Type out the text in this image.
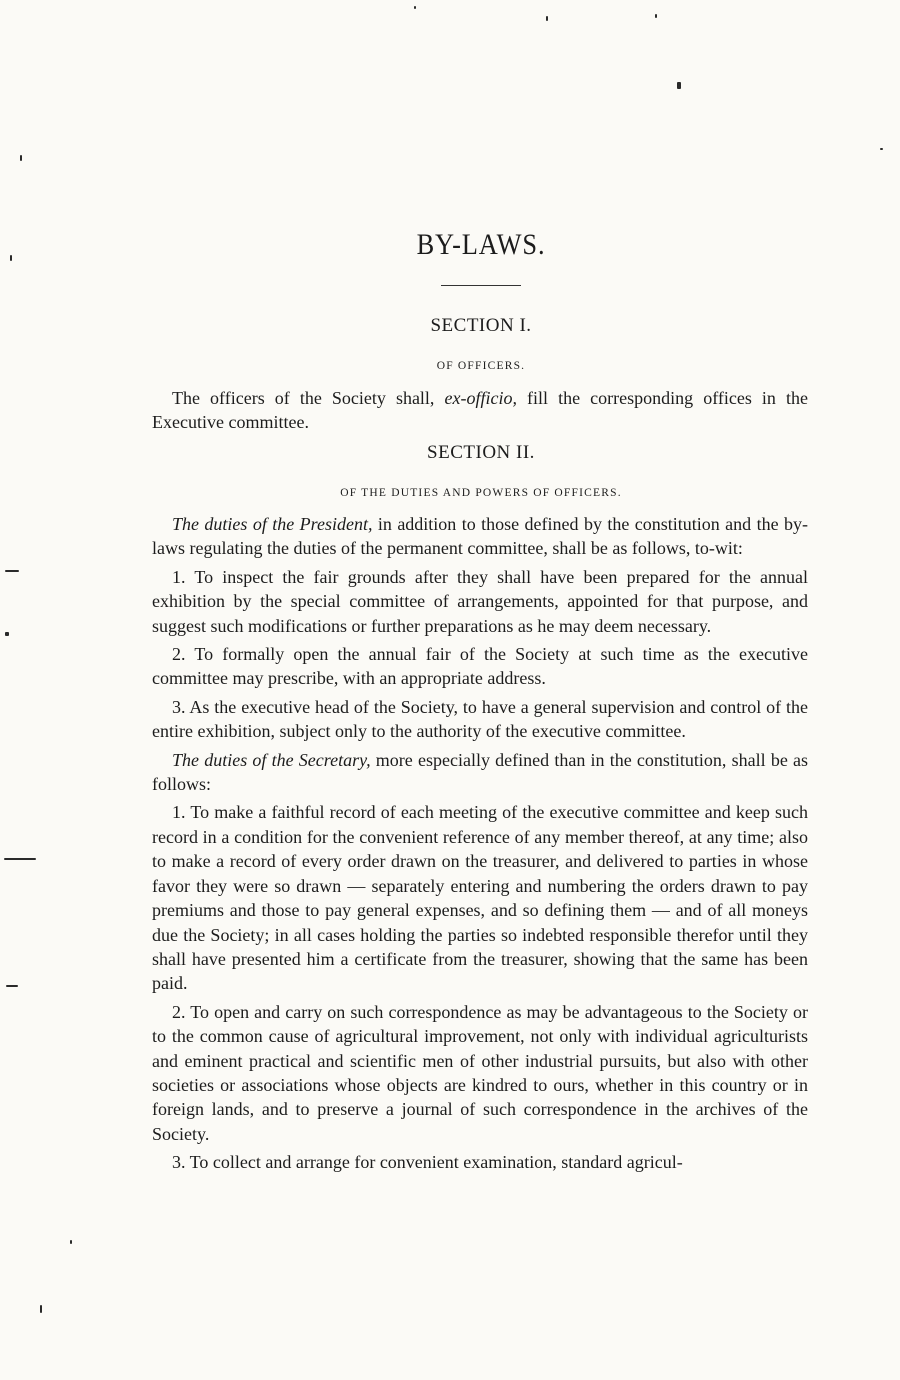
BY-LAWS.
SECTION I.
OF OFFICERS.

The officers of the Society shall, ex-officio, fill the corresponding offices in the Executive committee.

SECTION II.
OF THE DUTIES AND POWERS OF OFFICERS.

The duties of the President, in addition to those defined by the constitution and the by-laws regulating the duties of the permanent committee, shall be as follows, to-wit:

1. To inspect the fair grounds after they shall have been prepared for the annual exhibition by the special committee of arrangements, appointed for that purpose, and suggest such modifications or further preparations as he may deem necessary.

2. To formally open the annual fair of the Society at such time as the executive committee may prescribe, with an appropriate address.

3. As the executive head of the Society, to have a general supervision and control of the entire exhibition, subject only to the authority of the executive committee.

The duties of the Secretary, more especially defined than in the constitution, shall be as follows:

1. To make a faithful record of each meeting of the executive committee and keep such record in a condition for the convenient reference of any member thereof, at any time; also to make a record of every order drawn on the treasurer, and delivered to parties in whose favor they were so drawn — separately entering and numbering the orders drawn to pay premiums and those to pay general expenses, and so defining them — and of all moneys due the Society; in all cases holding the parties so indebted responsible therefor until they shall have presented him a certificate from the treasurer, showing that the same has been paid.

2. To open and carry on such correspondence as may be advantageous to the Society or to the common cause of agricultural improvement, not only with individual agriculturists and eminent practical and scientific men of other industrial pursuits, but also with other societies or associations whose objects are kindred to ours, whether in this country or in foreign lands, and to preserve a journal of such correspondence in the archives of the Society.

3. To collect and arrange for convenient examination, standard agricul-
